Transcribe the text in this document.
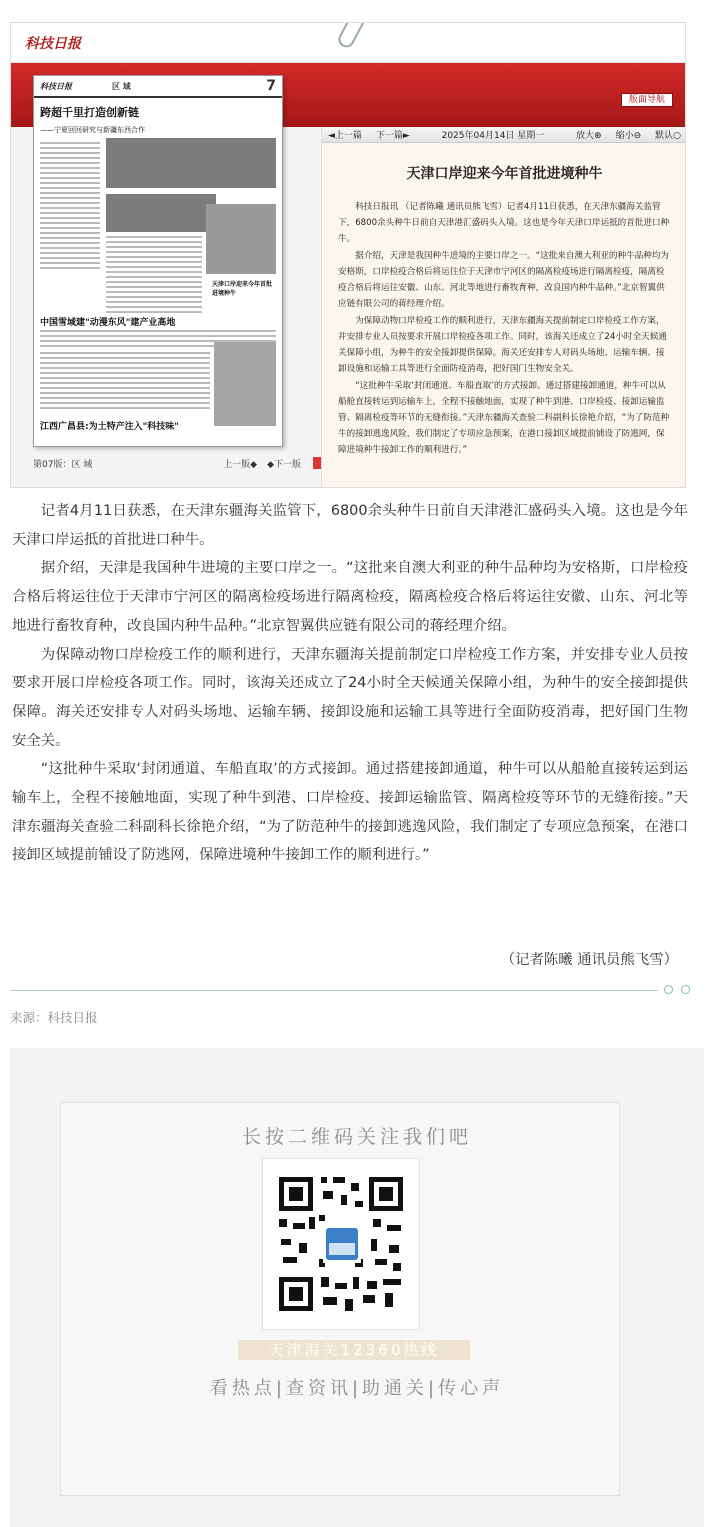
科技日报
版面导航
科技日报	区 域	7
跨超千里打造创新链
——宁夏回回研究与新疆东西合作
中国雪域建"动漫东风"建产业高地
江西广昌县:为土特产注入"科技味"
天津口岸迎来今年首批进境种牛
第07版：区 域	上一版◆ ◆下一版
◄上一篇 下一篇►	2025年04月14日 星期一	放大⊕ 缩小⊖ 默认○
天津口岸迎来今年首批进境种牛

科技日报讯 （记者陈曦 通讯员熊飞雪）记者4月11日获悉，在天津东疆海关监管下，6800余头种牛日前自天津港汇盛码头入境。这也是今年天津口岸运抵的首批进口种牛。

据介绍，天津是我国种牛进境的主要口岸之一。“这批来自澳大利亚的种牛品种均为安格斯，口岸检疫合格后将运往位于天津市宁河区的隔离检疫场进行隔离检疫，隔离检疫合格后将运往安徽、山东、河北等地进行畜牧育种，改良国内种牛品种。”北京智翼供应链有限公司的蒋经理介绍。

为保障动物口岸检疫工作的顺利进行，天津东疆海关提前制定口岸检疫工作方案，并安排专业人员按要求开展口岸检疫各项工作。同时，该海关还成立了24小时全天候通关保障小组，为种牛的安全接卸提供保障。海关还安排专人对码头场地、运输车辆、接卸设施和运输工具等进行全面防疫消毒，把好国门生物安全关。

“这批种牛采取‘封闭通道、车船直取’的方式接卸。通过搭建接卸通道，种牛可以从船舱直接转运到运输车上，全程不接触地面，实现了种牛到港、口岸检疫、接卸运输监管、隔离检疫等环节的无缝衔接。”天津东疆海关查验二科副科长徐艳介绍，“为了防范种牛的接卸逃逸风险，我们制定了专项应急预案，在港口接卸区域提前铺设了防逃网，保障进境种牛接卸工作的顺利进行。”

记者4月11日获悉，在天津东疆海关监管下，6800余头种牛日前自天津港汇盛码头入境。这也是今年天津口岸运抵的首批进口种牛。

据介绍，天津是我国种牛进境的主要口岸之一。“这批来自澳大利亚的种牛品种均为安格斯，口岸检疫合格后将运往位于天津市宁河区的隔离检疫场进行隔离检疫，隔离检疫合格后将运往安徽、山东、河北等地进行畜牧育种，改良国内种牛品种。”北京智翼供应链有限公司的蒋经理介绍。

为保障动物口岸检疫工作的顺利进行，天津东疆海关提前制定口岸检疫工作方案，并安排专业人员按要求开展口岸检疫各项工作。同时，该海关还成立了24小时全天候通关保障小组，为种牛的安全接卸提供保障。海关还安排专人对码头场地、运输车辆、接卸设施和运输工具等进行全面防疫消毒，把好国门生物安全关。

“这批种牛采取‘封闭通道、车船直取’的方式接卸。通过搭建接卸通道，种牛可以从船舱直接转运到运输车上，全程不接触地面，实现了种牛到港、口岸检疫、接卸运输监管、隔离检疫等环节的无缝衔接。”天津东疆海关查验二科副科长徐艳介绍，“为了防范种牛的接卸逃逸风险，我们制定了专项应急预案，在港口接卸区域提前铺设了防逃网，保障进境种牛接卸工作的顺利进行。”

（记者陈曦 通讯员熊飞雪）
来源：科技日报
长按二维码关注我们吧
天津海关12360热线
看热点|查资讯|助通关|传心声
